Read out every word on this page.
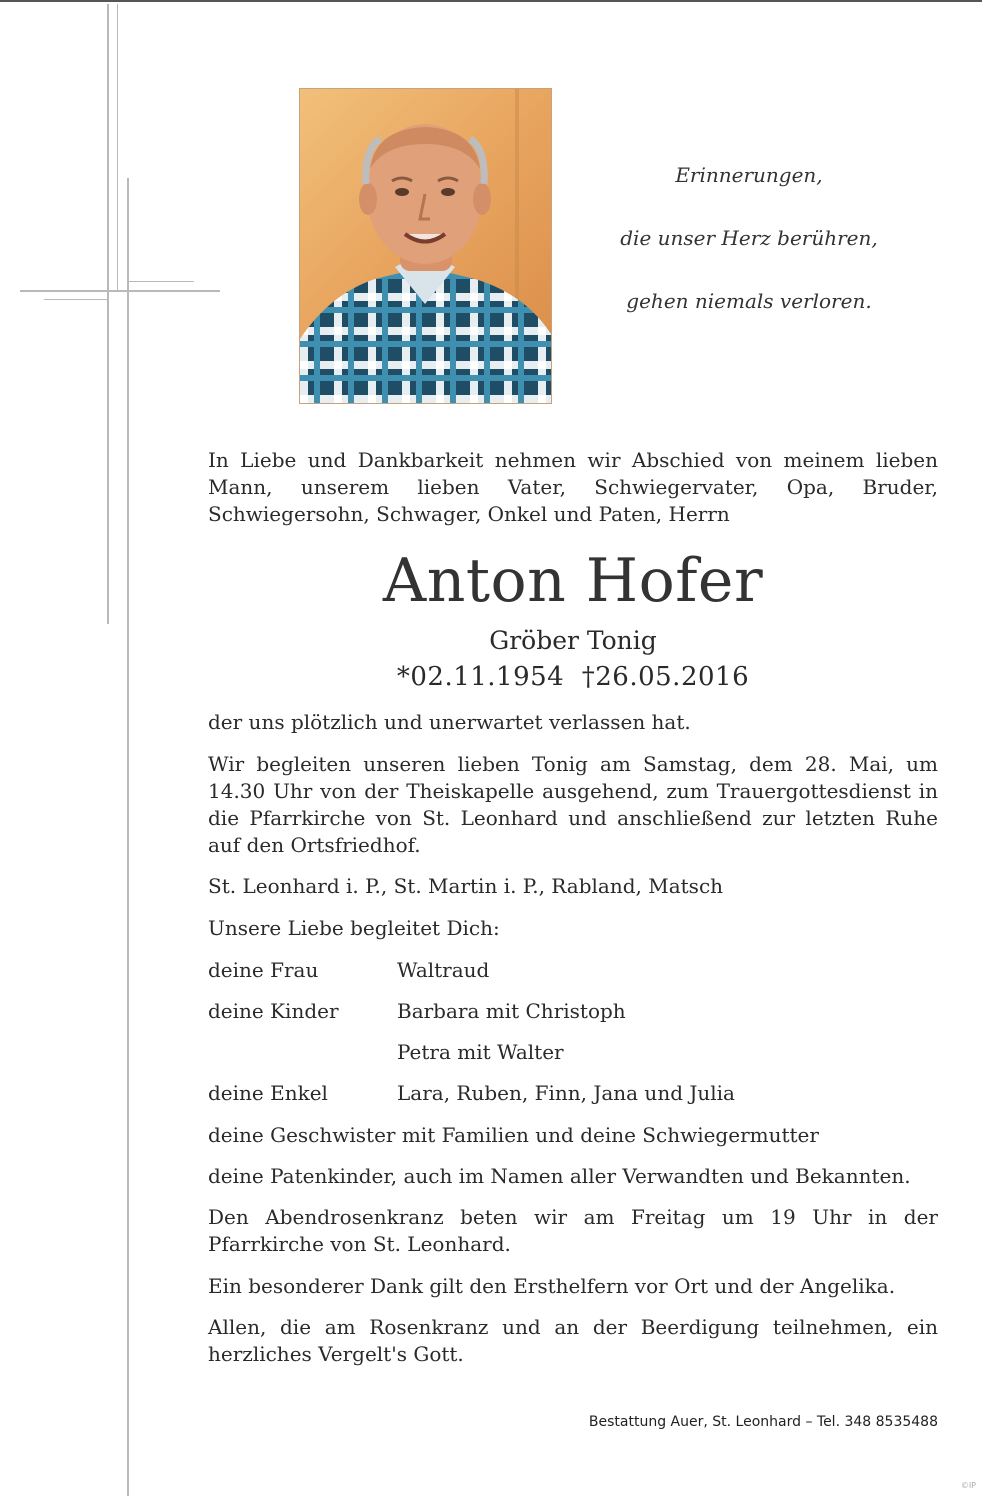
Erinnerungen,
die unser Herz berühren,
gehen niemals verloren.
In Liebe und Dankbarkeit nehmen wir Abschied von meinem lieben
Mann, unserem lieben Vater, Schwiegervater, Opa, Bruder,
Schwiegersohn, Schwager, Onkel und Paten, Herrn
Anton Hofer
Gröber Tonig
*02.11.1954  †26.05.2016
der uns plötzlich und unerwartet verlassen hat.
Wir begleiten unseren lieben Tonig am Samstag, dem 28. Mai, um
14.30 Uhr von der Theiskapelle ausgehend, zum Trauergottesdienst in
die Pfarrkirche von St. Leonhard und anschließend zur letzten Ruhe
auf den Ortsfriedhof.
St. Leonhard i. P., St. Martin i. P., Rabland, Matsch
Unsere Liebe begleitet Dich:
deine Frau	Waltraud
deine Kinder	Barbara mit Christoph
Petra mit Walter
deine Enkel	Lara, Ruben, Finn, Jana und Julia
deine Geschwister mit Familien und deine Schwiegermutter
deine Patenkinder, auch im Namen aller Verwandten und Bekannten.
Den Abendrosenkranz beten wir am Freitag um 19 Uhr in der
Pfarrkirche von St. Leonhard.
Ein besonderer Dank gilt den Ersthelfern vor Ort und der Angelika.
Allen, die am Rosenkranz und an der Beerdigung teilnehmen, ein
herzliches Vergelt's Gott.
Bestattung Auer, St. Leonhard – Tel. 348 8535488
©IP
